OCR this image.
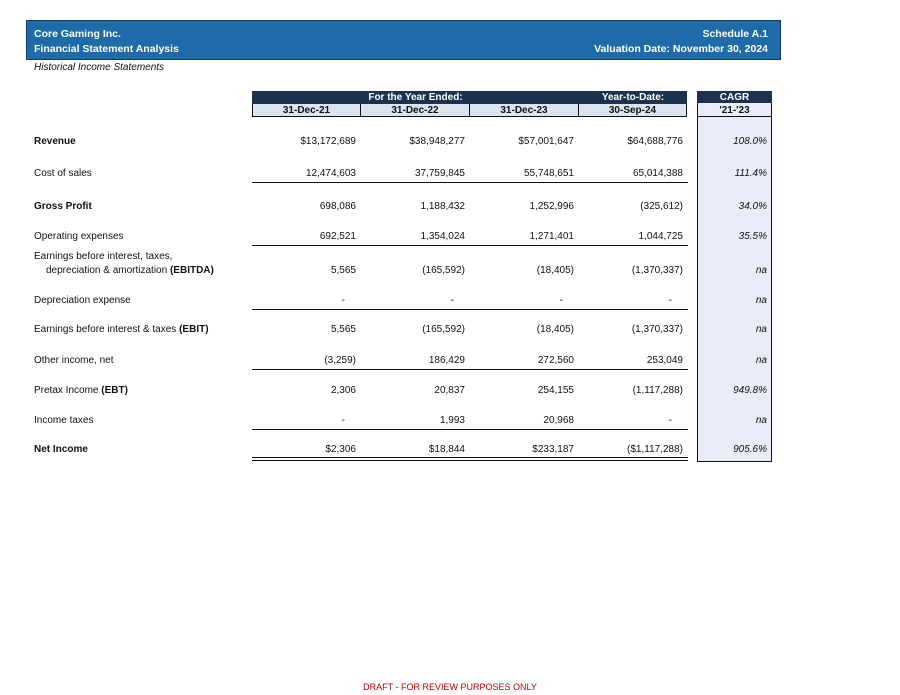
Core Gaming Inc.
Financial Statement Analysis
Schedule A.1
Valuation Date: November 30, 2024
Historical Income Statements
For the Year Ended:	Year-to-Date:	CAGR
31-Dec-21	31-Dec-22	31-Dec-23	30-Sep-24	'21-'23
Revenue	$13,172,689	$38,948,277	$57,001,647	$64,688,776	108.0%
Cost of sales	12,474,603	37,759,845	55,748,651	65,014,388	111.4%
Gross Profit	698,086	1,188,432	1,252,996	(325,612)	34.0%
Operating expenses	692,521	1,354,024	1,271,401	1,044,725	35.5%
Earnings before interest, taxes,
depreciation & amortization (EBITDA)	5,565	(165,592)	(18,405)	(1,370,337)	na
Depreciation expense	-	-	-	-	na
Earnings before interest & taxes (EBIT)	5,565	(165,592)	(18,405)	(1,370,337)	na
Other income, net	(3,259)	186,429	272,560	253,049	na
Pretax Income (EBT)	2,306	20,837	254,155	(1,117,288)	949.8%
Income taxes	-	1,993	20,968	-	na
Net Income	$2,306	$18,844	$233,187	($1,117,288)	905.6%
DRAFT - FOR REVIEW PURPOSES ONLY
